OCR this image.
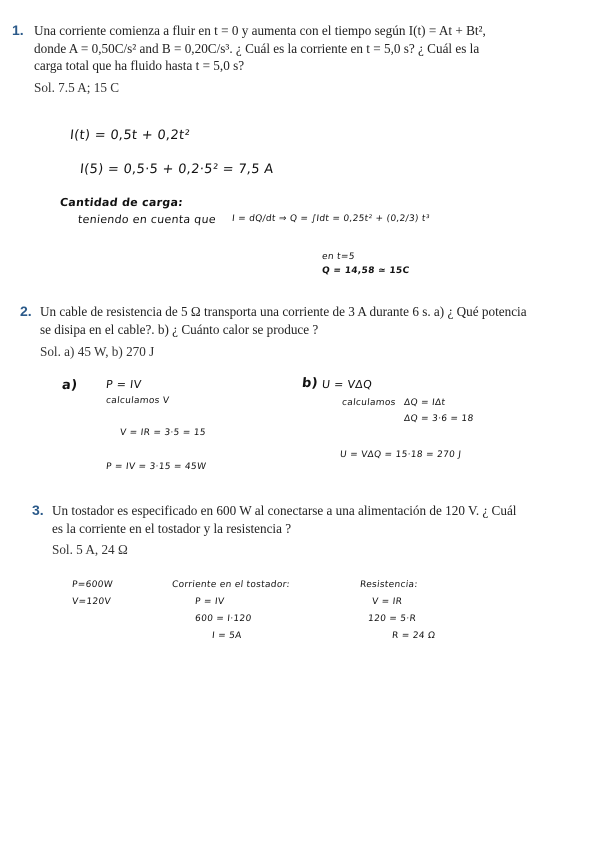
1. Una corriente comienza a fluir en t = 0 y aumenta con el tiempo según I(t) = At + Bt²,
donde A = 0,50C/s² and B = 0,20C/s³. ¿ Cuál es la corriente en t = 5,0 s? ¿ Cuál es la
carga total que ha fluido hasta t = 5,0 s?
Sol. 7.5 A; 15 C
I(t) = 0,5t + 0,2t²
I(5) = 0,5·5 + 0,2·5² = 7,5 A
Cantidad de carga:
teniendo en cuenta que I = dQ/dt ⇒ Q = ∫Idt = 0,25t² + (0,2/3) t³
en t=5
Q = 14,58 ≃ 15C
2. Un cable de resistencia de 5 Ω transporta una corriente de 3 A durante 6 s. a) ¿ Qué potencia
se disipa en el cable?. b) ¿ Cuánto calor se produce ?
Sol. a) 45 W, b) 270 J
a) P = IV
calculamos V
V = IR = 3·5 = 15
P = IV = 3·15 = 45W
b) U = VΔQ
calculamos ΔQ = IΔt
ΔQ = 3·6 = 18
U = VΔQ = 15·18 = 270 J
3. Un tostador es especificado en 600 W al conectarse a una alimentación de 120 V. ¿ Cuál
es la corriente en el tostador y la resistencia ?
Sol. 5 A, 24 Ω
P=600W
V=120V
Corriente en el tostador:
P = IV
600 = I·120
I = 5A
Resistencia:
V = IR
120 = 5·R
R = 24 Ω
